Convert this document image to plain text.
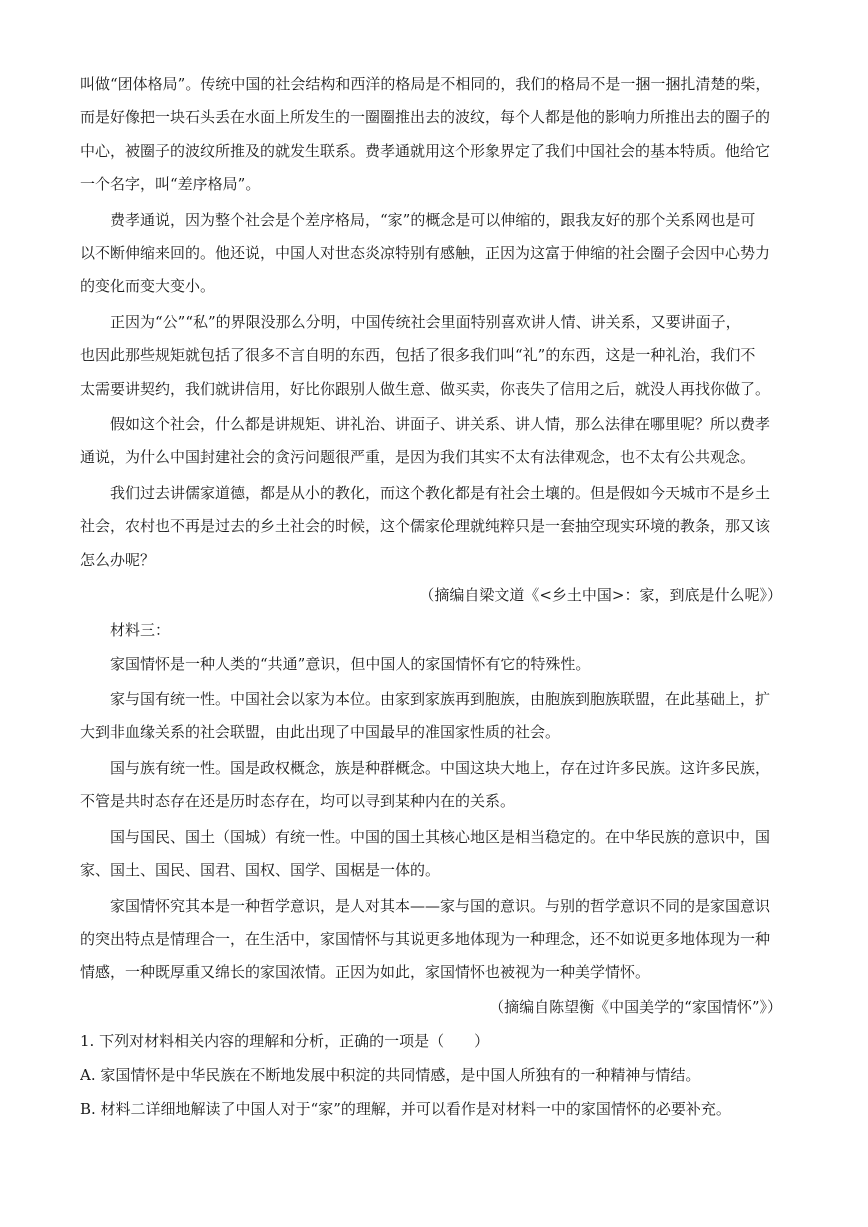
叫做“团体格局”。传统中国的社会结构和西洋的格局是不相同的，我们的格局不是一捆一捆扎清楚的柴，
而是好像把一块石头丢在水面上所发生的一圈圈推出去的波纹，每个人都是他的影响力所推出去的圈子的
中心，被圈子的波纹所推及的就发生联系。费孝通就用这个形象界定了我们中国社会的基本特质。他给它
一个名字，叫“差序格局”。
费孝通说，因为整个社会是个差序格局，“家”的概念是可以伸缩的，跟我友好的那个关系网也是可
以不断伸缩来回的。他还说，中国人对世态炎凉特别有感触，正因为这富于伸缩的社会圈子会因中心势力
的变化而变大变小。
正因为“公”“私”的界限没那么分明，中国传统社会里面特别喜欢讲人情、讲关系，又要讲面子，
也因此那些规矩就包括了很多不言自明的东西，包括了很多我们叫“礼”的东西，这是一种礼治，我们不
太需要讲契约，我们就讲信用，好比你跟别人做生意、做买卖，你丧失了信用之后，就没人再找你做了。
假如这个社会，什么都是讲规矩、讲礼治、讲面子、讲关系、讲人情，那么法律在哪里呢？所以费孝
通说，为什么中国封建社会的贪污问题很严重，是因为我们其实不太有法律观念，也不太有公共观念。
我们过去讲儒家道德，都是从小的教化，而这个教化都是有社会土壤的。但是假如今天城市不是乡土
社会，农村也不再是过去的乡土社会的时候，这个儒家伦理就纯粹只是一套抽空现实环境的教条，那又该
怎么办呢？
（摘编自梁文道《<乡土中国>：家，到底是什么呢》）
材料三：
家国情怀是一种人类的“共通”意识，但中国人的家国情怀有它的特殊性。
家与国有统一性。中国社会以家为本位。由家到家族再到胞族，由胞族到胞族联盟，在此基础上，扩
大到非血缘关系的社会联盟，由此出现了中国最早的准国家性质的社会。
国与族有统一性。国是政权概念，族是种群概念。中国这块大地上，存在过许多民族。这许多民族，
不管是共时态存在还是历时态存在，均可以寻到某种内在的关系。
国与国民、国土（国城）有统一性。中国的国土其核心地区是相当稳定的。在中华民族的意识中，国
家、国土、国民、国君、国权、国学、国椐是一体的。
家国情怀究其本是一种哲学意识，是人对其本——家与国的意识。与别的哲学意识不同的是家国意识
的突出特点是情理合一，在生活中，家国情怀与其说更多地体现为一种理念，还不如说更多地体现为一种
情感，一种既厚重又绵长的家国浓情。正因为如此，家国情怀也被视为一种美学情怀。
（摘编自陈望衡《中国美学的“家国情怀”》）
1. 下列对材料相关内容的理解和分析，正确的一项是（　　）
A. 家国情怀是中华民族在不断地发展中积淀的共同情感，是中国人所独有的一种精神与情结。
B. 材料二详细地解读了中国人对于“家”的理解，并可以看作是对材料一中的家国情怀的必要补充。
